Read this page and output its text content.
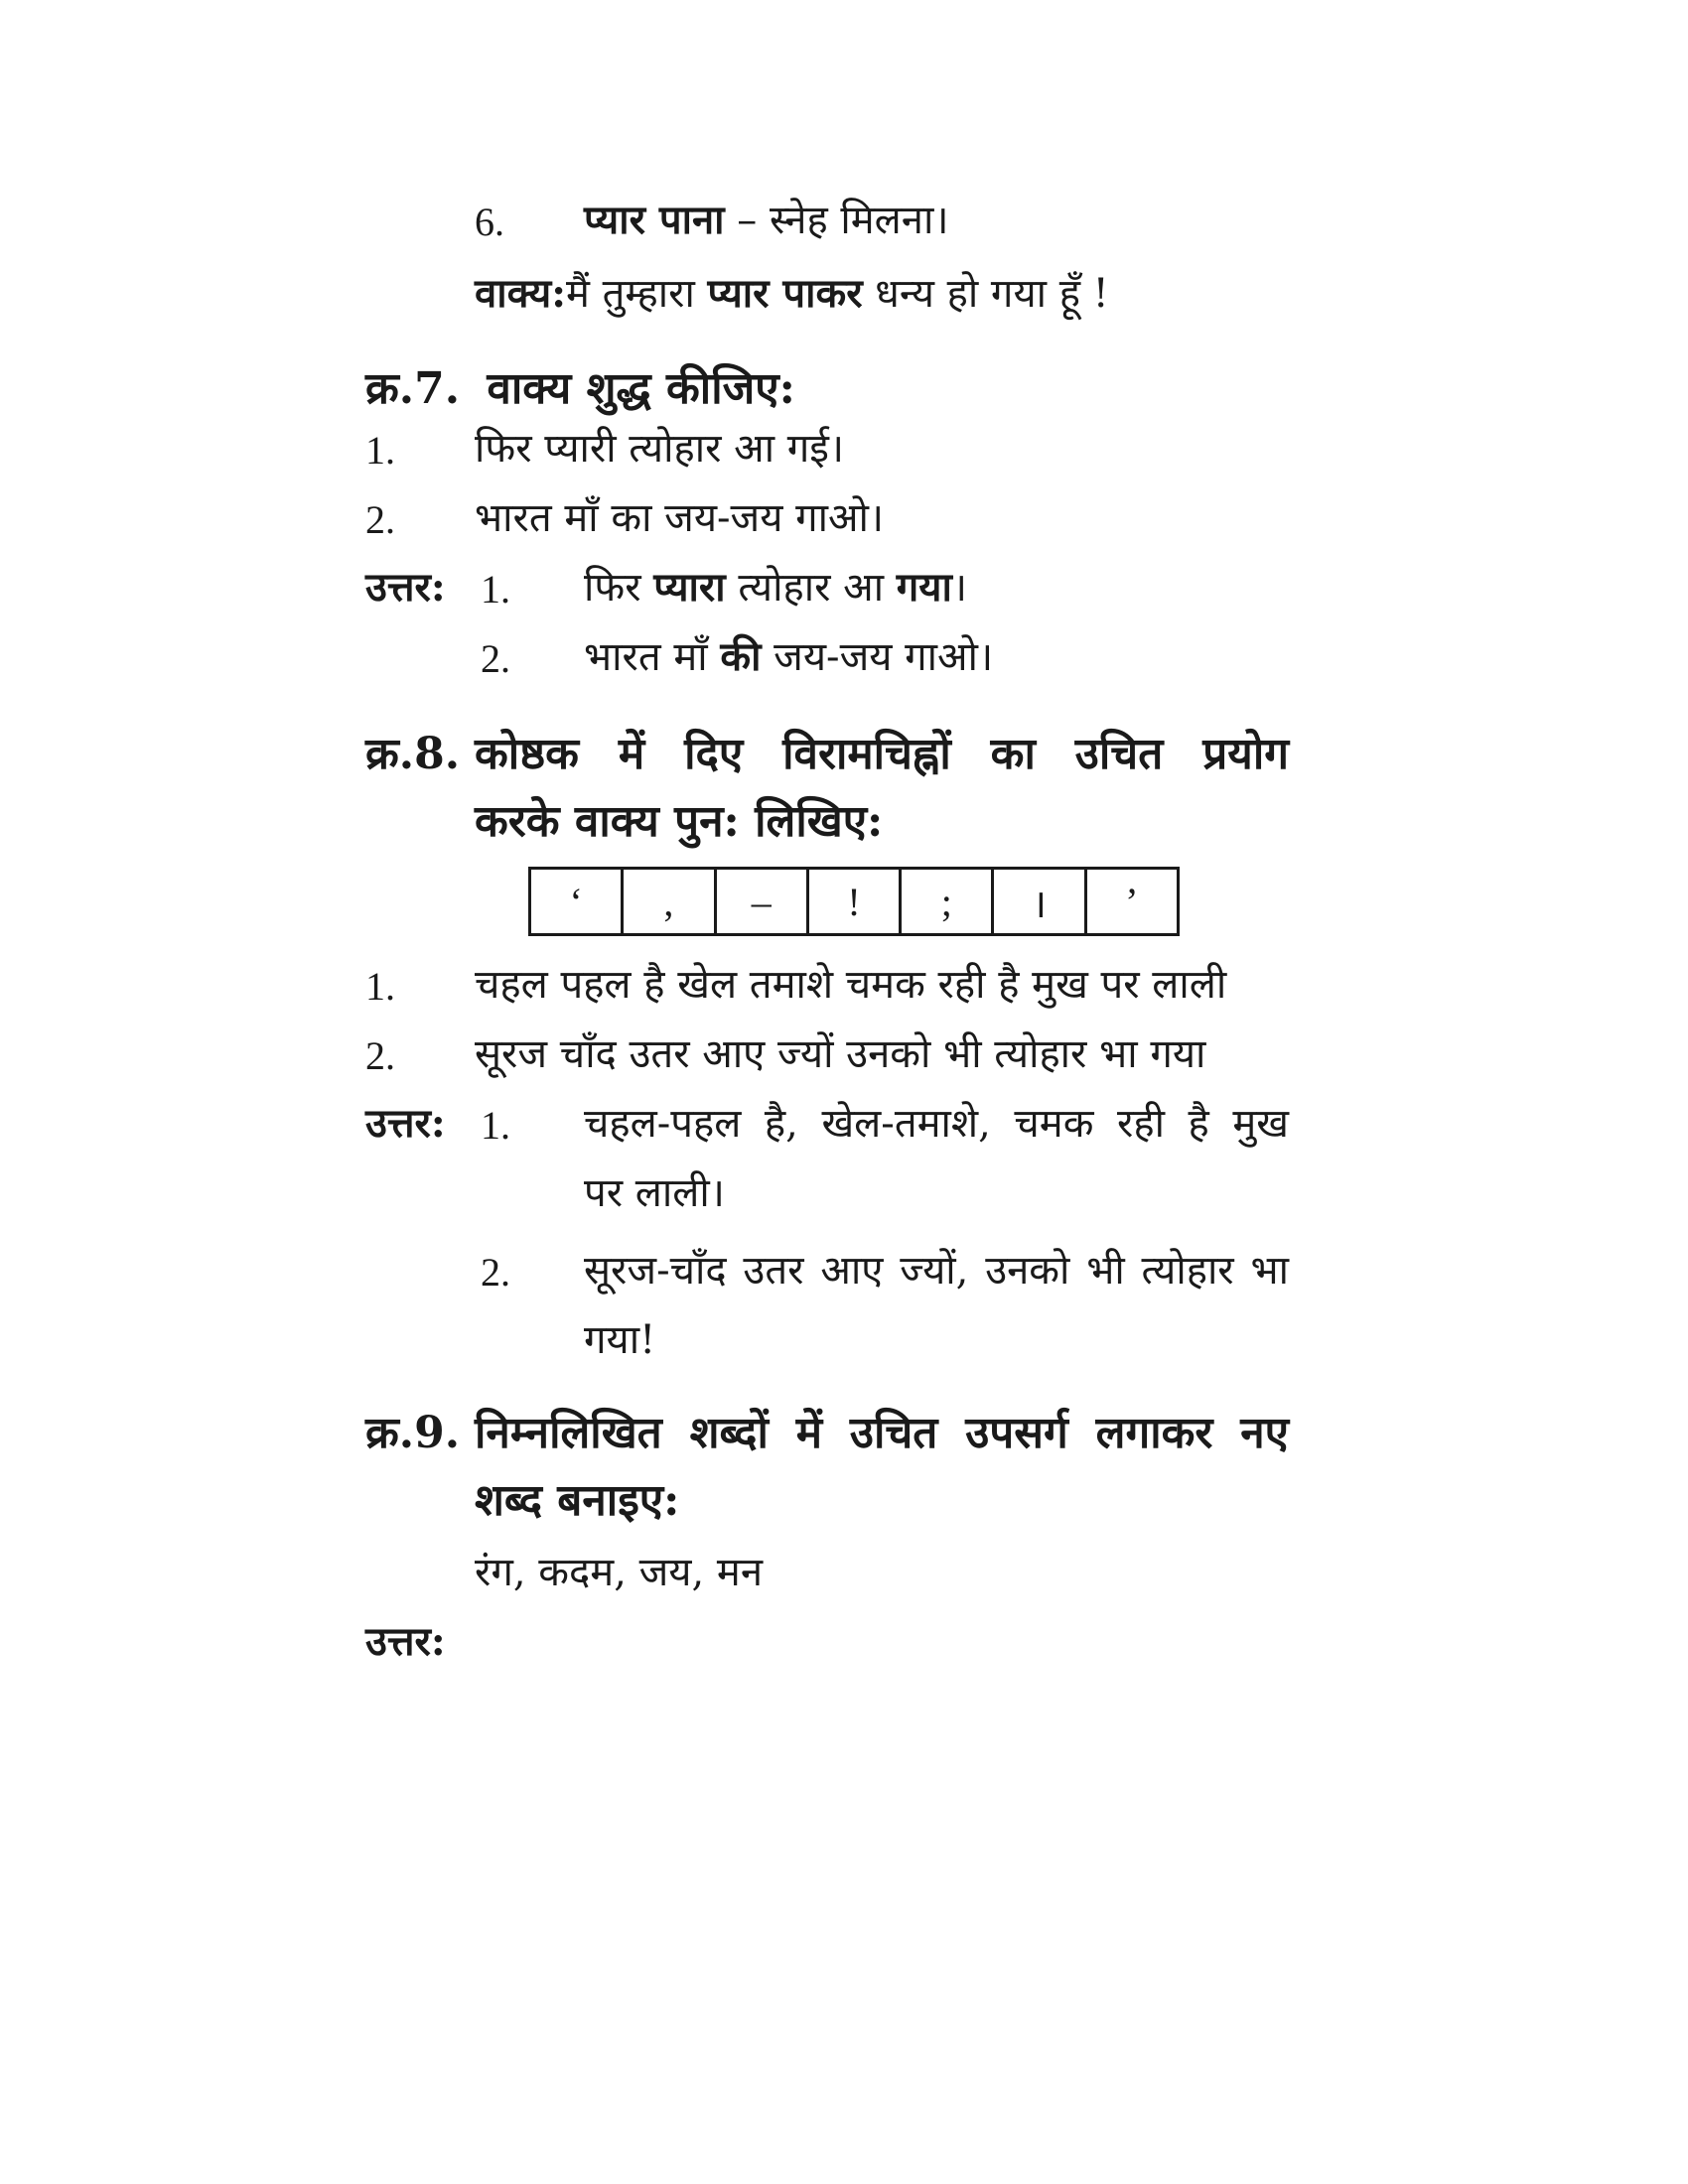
6. प्यार पाना – स्नेह मिलना।
वाक्य:मैं तुम्हारा प्यार पाकर धन्य हो गया हूँ !
क्र.7. वाक्य शुद्ध कीजिए:
1. फिर प्यारी त्योहार आ गई।
2. भारत माँ का जय-जय गाओ।
उत्तर: 1. फिर प्यारा त्योहार आ गया।
2. भारत माँ की जय-जय गाओ।
क्र.8. कोष्ठक में दिए विरामचिह्नों का उचित प्रयोग
करके वाक्य पुन: लिखिए:
‘	,	–	!	;	।	’
1. चहल पहल है खेल तमाशे चमक रही है मुख पर लाली
2. सूरज चाँद उतर आए ज्यों उनको भी त्योहार भा गया
उत्तर: 1. चहल-पहल है, खेल-तमाशे, चमक रही है मुख
पर लाली।
2. सूरज-चाँद उतर आए ज्यों, उनको भी त्योहार भा
गया!
क्र.9. निम्नलिखित शब्दों में उचित उपसर्ग लगाकर नए
शब्द बनाइए:
रंग, कदम, जय, मन
उत्तर:
